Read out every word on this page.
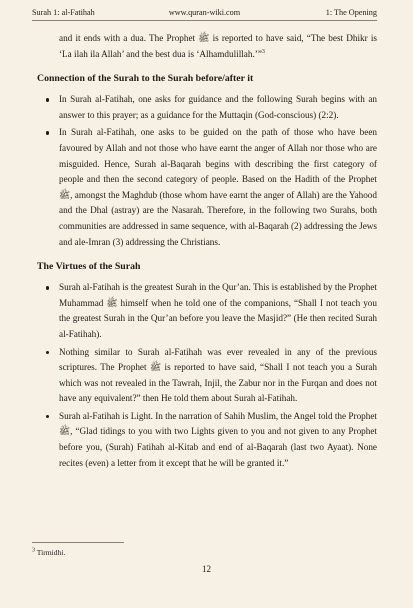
Surah 1: al-Fatihah	www.quran-wiki.com	1: The Opening

and it ends with a dua. The Prophet ﷺ is reported to have said, “The best Dhikr is ‘La ilah ila Allah’ and the best dua is ‘Alhamdulillah.’”$^3$

Connection of the Surah to the Surah before/after it
In Surah al-Fatihah, one asks for guidance and the following Surah begins with an answer to this prayer; as a guidance for the Muttaqin (God-conscious) (2:2).
In Surah al-Fatihah, one asks to be guided on the path of those who have been favoured by Allah and not those who have earnt the anger of Allah nor those who are misguided. Hence, Surah al-Baqarah begins with describing the first category of people and then the second category of people. Based on the Hadith of the Prophet ﷺ, amongst the Maghdub (those whom have earnt the anger of Allah) are the Yahood and the Dhal (astray) are the Nasarah. Therefore, in the following two Surahs, both communities are addressed in same sequence, with al-Baqarah (2) addressing the Jews and ale-Imran (3) addressing the Christians.
The Virtues of the Surah
Surah al-Fatihah is the greatest Surah in the Qur’an. This is established by the Prophet Muhammad ﷺ himself when he told one of the companions, “Shall I not teach you the greatest Surah in the Qur’an before you leave the Masjid?” (He then recited Surah al-Fatihah).
Nothing similar to Surah al-Fatihah was ever revealed in any of the previous scriptures. The Prophet ﷺ is reported to have said, “Shall I not teach you a Surah which was not revealed in the Tawrah, Injil, the Zabur nor in the Furqan and does not have any equivalent?” then He told them about Surah al-Fatihah.
Surah al-Fatihah is Light. In the narration of Sahih Muslim, the Angel told the Prophet ﷺ, “Glad tidings to you with two Lights given to you and not given to any Prophet before you, (Surah) Fatihah al-Kitab and end of al-Baqarah (last two Ayaat). None recites (even) a letter from it except that he will be granted it.”
$^3$ Tirmidhi.
12
